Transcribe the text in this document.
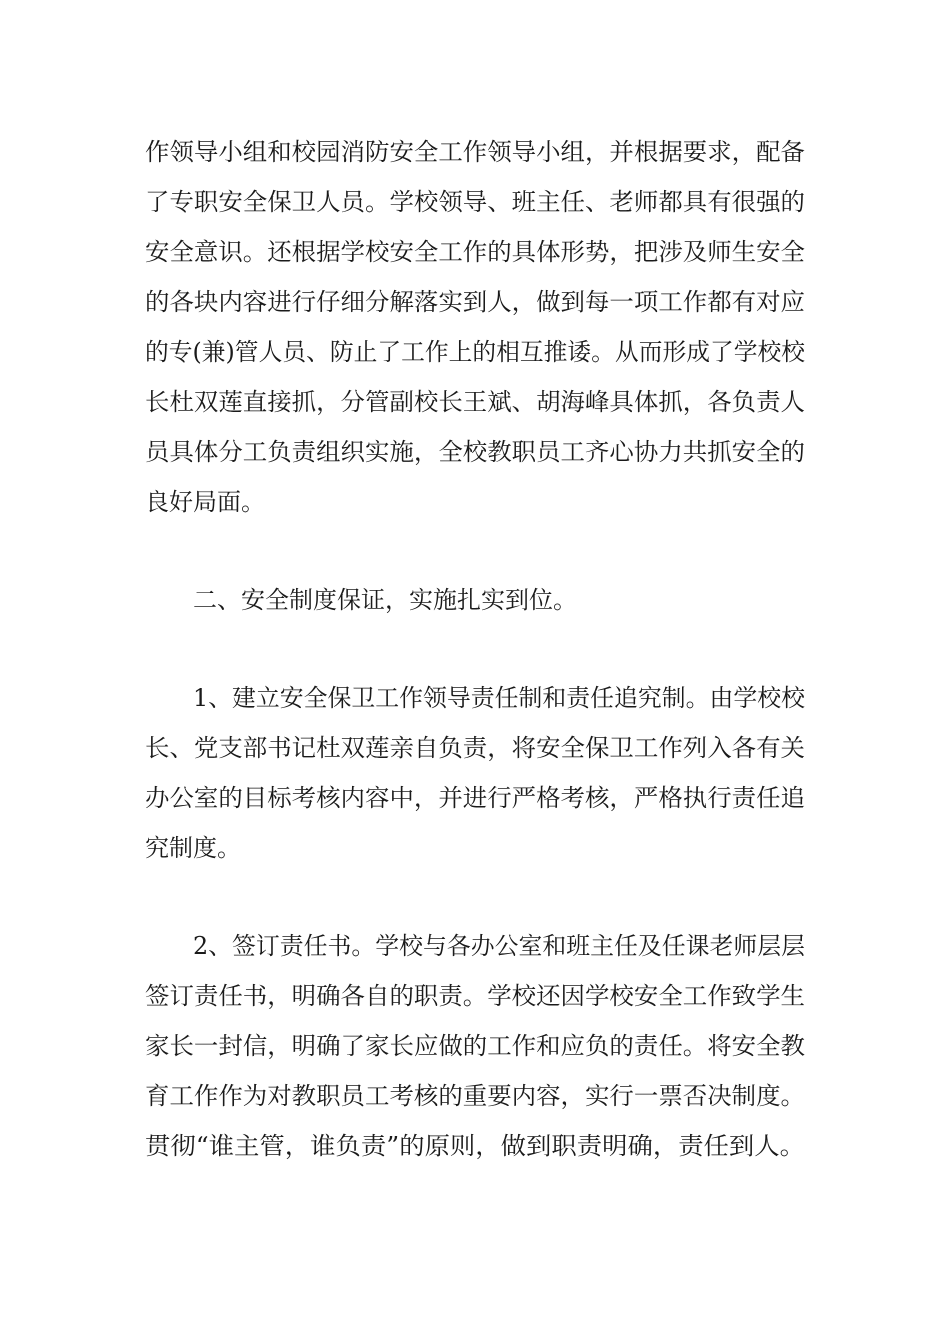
作领导小组和校园消防安全工作领导小组，并根据要求，配备
了专职安全保卫人员。学校领导、班主任、老师都具有很强的
安全意识。还根据学校安全工作的具体形势，把涉及师生安全
的各块内容进行仔细分解落实到人，做到每一项工作都有对应
的专(兼)管人员、防止了工作上的相互推诿。从而形成了学校校
长杜双莲直接抓，分管副校长王斌、胡海峰具体抓，各负责人
员具体分工负责组织实施，全校教职员工齐心协力共抓安全的
良好局面。
二、安全制度保证，实施扎实到位。
1、建立安全保卫工作领导责任制和责任追究制。由学校校
长、党支部书记杜双莲亲自负责，将安全保卫工作列入各有关
办公室的目标考核内容中，并进行严格考核，严格执行责任追
究制度。
2、签订责任书。学校与各办公室和班主任及任课老师层层
签订责任书，明确各自的职责。学校还因学校安全工作致学生
家长一封信，明确了家长应做的工作和应负的责任。将安全教
育工作作为对教职员工考核的重要内容，实行一票否决制度。
贯彻“谁主管，谁负责”的原则，做到职责明确，责任到人。
